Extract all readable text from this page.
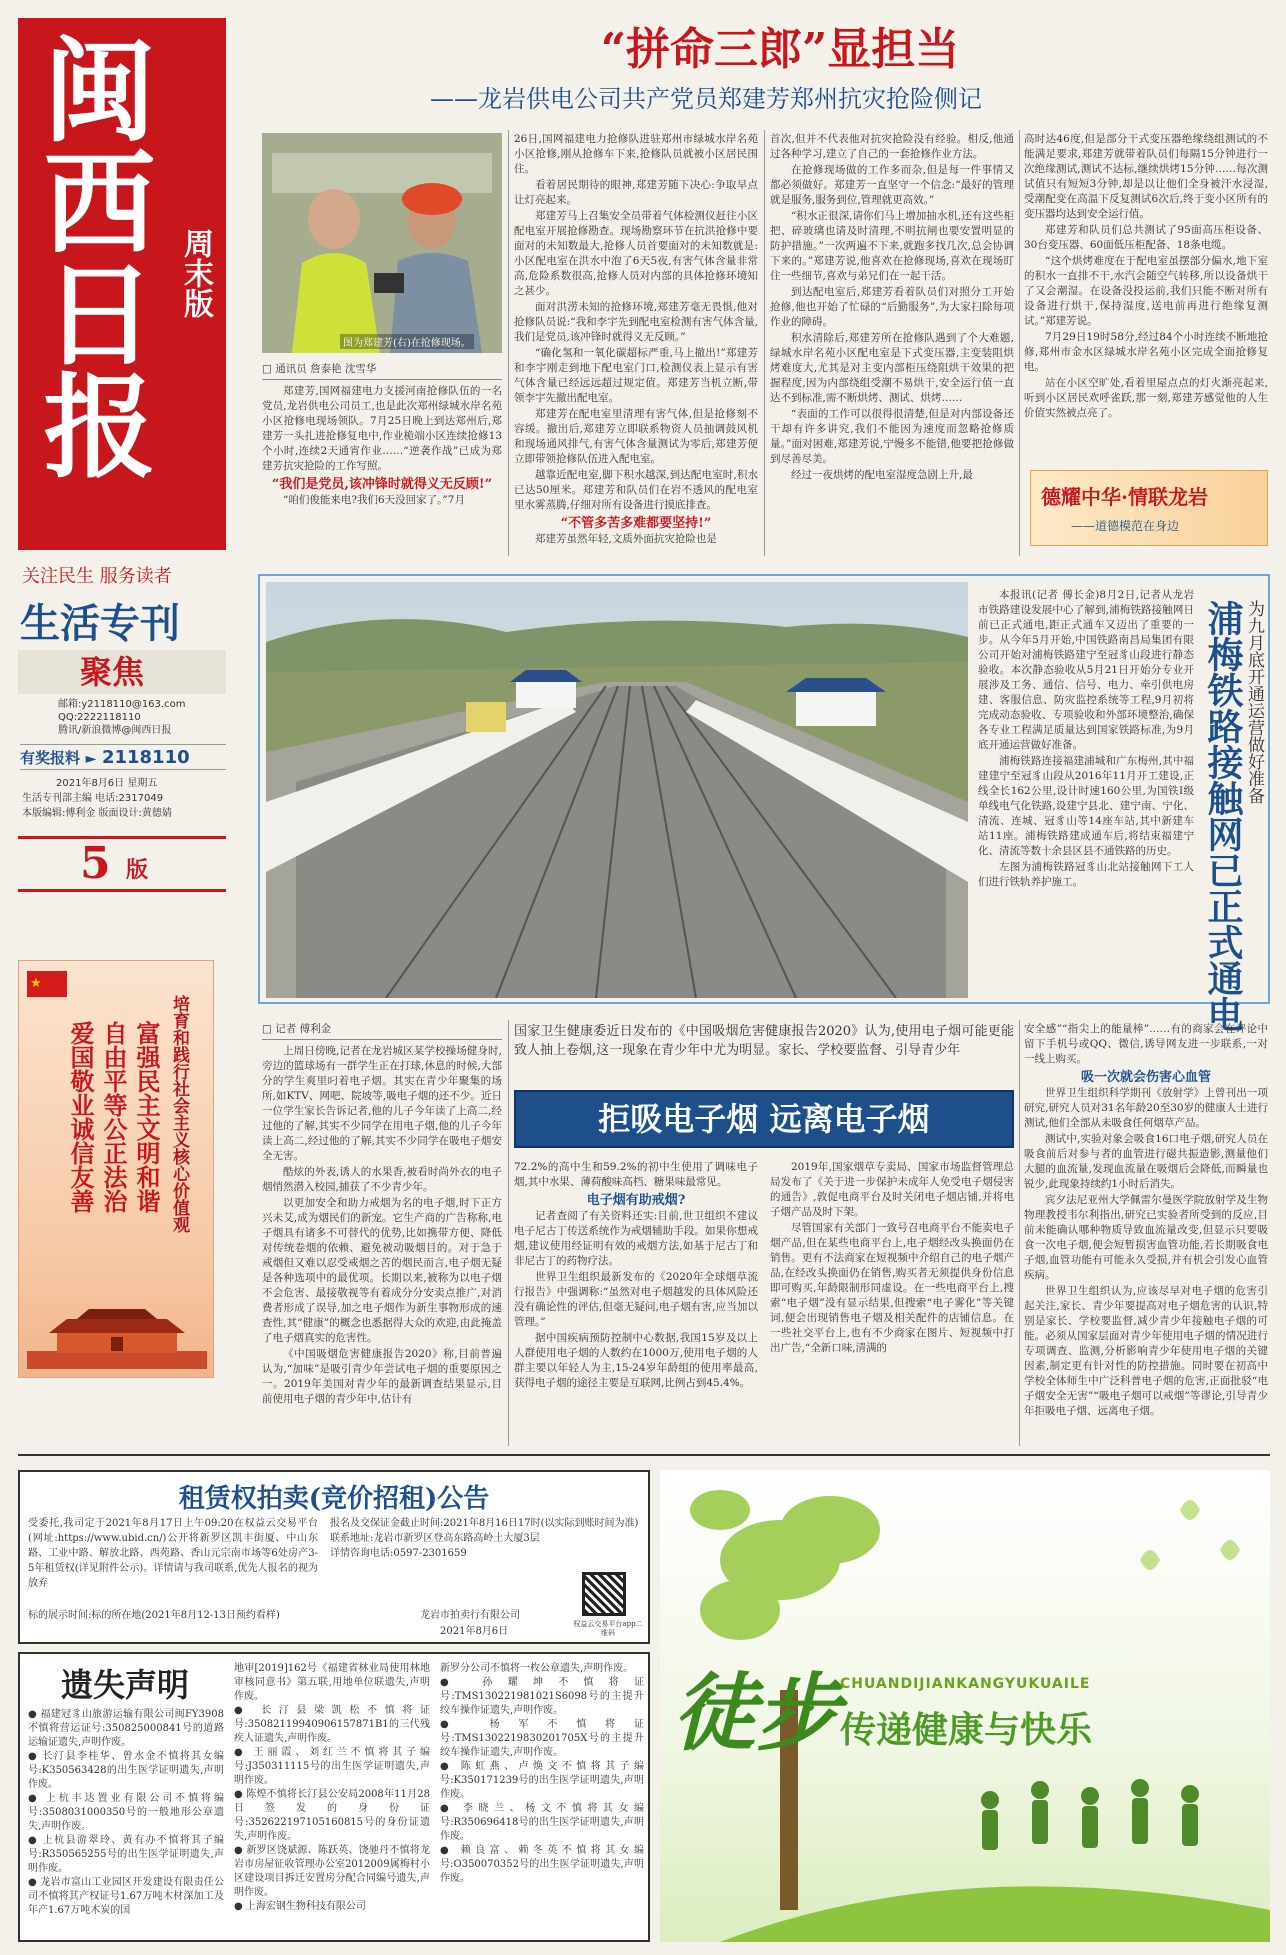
闽西日报 周末版
关注民生 服务读者
生活专刊
聚焦
邮箱:y2118110@163.com
QQ:2222118110
腾讯/新浪微博@闽西日报
有奖报料 ► 2118110
2021年8月6日 星期五
生活专刊部主编 电话:2317049
本版编辑:傅利金 版面设计:黄德婧
5 版
★
培育和践行社会主义核心价值观
富强民主文明和谐
自由平等公正法治
爱国敬业诚信友善
“拼命三郎”显担当
——龙岩供电公司共产党员郑建芳郑州抗灾抢险侧记
图为郑建芳(右)在抢修现场。
□ 通讯员 詹泰艳 沈雪华

郑建芳,国网福建电力支援河南抢修队伍的一名党员,龙岩供电公司员工,也是此次郑州绿城水岸名苑小区抢修电现场领队。7月25日晚上到达郑州后,郑建芳一头扎进抢修复电中,作业桅端小区连续抢修13个小时,连续2天通宵作业……“逆袭作战”已成为郑建芳抗灾抢险的工作写照。

“我们是党员,该冲锋时就得义无反顾!”

“咱们俊能来电?我们6天没回家了。”7月

26日,国网福建电力抢修队进驻郑州市绿城水岸名苑小区抢修,刚从抢修车下来,抢修队员就被小区居民围住。

看着居民期待的眼神,郑建芳随下决心:争取早点让灯亮起来。

郑建芳马上召集安全员带着气体检测仪赶往小区配电室开展抢修勘查。现场勘察环节在抗洪抢修中要面对的未知数最大,抢修人员首要面对的未知数就是:小区配电室在洪水中泡了6天5夜,有害气体含量非常高,危险系数很高,抢修人员对内部的具体抢修环境知之甚少。

面对洪涝未知的抢修环境,郑建芳毫无畏惧,他对抢修队员说:“我和李宇先到配电室检测有害气体含量,我们是党员,该冲锋时就得义无反顾。”

“确化氢和一氧化碳超标严重,马上撤出!”郑建芳和李宇刚走到地下配电室门口,检测仪表上显示有害气体含量已经远远超过规定值。郑建芳当机立断,带领李宇先撤出配电室。

郑建芳在配电室里清理有害气体,但是抢修刻不容缓。撤出后,郑建芳立即联系物资人员抽调鼓风机和现场通风排气,有害气体含量测试为零后,郑建芳便立即带领抢修队伍进入配电室。

越靠近配电室,脚下积水越深,到达配电室时,积水已达50厘米。郑建芳和队员们在岩不透风的配电室里水雾蒸腾,仔细对所有设备进行摸底排查。

“不管多苦多难都要坚持!”

郑建芳虽然年轻,文质外面抗灾抢险也是

首次,但并不代表他对抗灾抢险没有经验。相反,他通过各种学习,建立了自己的一套抢修作业方法。

在抢修现场做的工作多而杂,但是每一件事情又都必须做好。郑建芳一直坚守一个信念:“最好的管理就是服务,服务到位,管理就更高效。”

“积水正很深,请你们马上增加抽水机,还有这些柜把、碎玻璃也请及时清理,不明抗闸也要安置明显的防护措施。”一次两遍不下来,就跑多找几次,总会协调下来的。”郑建芳说,他喜欢在抢修现场,喜欢在现场盯住一些细节,喜欢与弟兄们在一起干活。

到达配电室后,郑建芳看着队员们对照分工开始抢修,他也开始了忙碌的“后勤服务”,为大家扫除每项作业的障碍。

积水清除后,郑建芳所在抢修队遇到了个大难题,绿城水岸名苑小区配电室是下式变压器,主变装阻烘烤难度大,尤其是对主变内部柜压绕阻烘干效果的把握程度,因为内部绕组受潮不易烘干,安全运行值一直达不到标准,需不断烘烤、测试、烘烤……

“表面的工作可以很得很清楚,但是对内部设备还干却有许多讲究,我们不能因为速度而忽略抢修质量。”面对困难,郑建芳说,宁慢多不能错,他要把抢修做到尽善尽美。

经过一夜烘烤的配电室湿度急剧上升,最

高时达46度,但是部分干式变压器绝缘绕组测试的不能满足要求,郑建芳就带着队员们每隔15分钟进行一次绝缘测试,测试不达标,继续烘烤15分钟……每次测试值只有短短3分钟,却是以让他们全身被汗水浸湿,受潮配变在高温下反复测试6次后,终于变小区所有的变压器均达到安全运行值。

郑建芳和队员们总共测试了95面高压柜设备、30台变压器、60面低压柜配备、18条电缆。

“这个烘烤难度在于配电室虽摆部分偏水,地下室的积水一直排不干,水汽会随空气转移,所以设备烘干了又会潮湿。在设备没投运前,我们只能不断对所有设备进行烘干,保持湿度,送电前再进行绝缘复测试。”郑建芳说。

7月29日19时58分,经过84个小时连续不断地抢修,郑州市金水区绿城水岸名苑小区完成全面抢修复电。

站在小区空旷处,看着里屋点点的灯火渐亮起来,听到小区居民欢呼雀跃,那一刻,郑建芳感觉他的人生价值实然被点亮了。

德耀中华·情联龙岩
——道德模范在身边
浦梅铁路接触网已正式通电 为九月底开通运营做好准备

本报讯(记者 傅长金)8月2日,记者从龙岩市铁路建设发展中心了解到,浦梅铁路接触网日前已正式通电,距正式通车又迈出了重要的一步。从今年5月开始,中国铁路南昌局集团有限公司开始对浦梅铁路建宁至冠豸山段进行静态验收。本次静态验收从5月21日开始分专业开展涉及工务、通信、信号、电力、牵引供电房建、客服信息、防灾监控系统等工程,9月初将完成动态验收、专项验收和外部环境整治,确保各专业工程满足质量达到国家铁路标准,为9月底开通运营做好准备。

浦梅铁路连接福建浦城和广东梅州,其中福建建宁至冠豸山段从2016年11月开工建设,正线全长162公里,设计时速160公里,为国铁Ⅰ级单线电气化铁路,设建宁县北、建宁南、宁化、清流、连城、冠豸山等14座车站,其中新建车站11座。浦梅铁路建成通车后,将结束福建宁化、清流等数十余县区县不通铁路的历史。

左图为浦梅铁路冠豸山北站接触网下工人们进行铁轨养护施工。

□ 记者 傅利金

上周日傍晚,记者在龙岩城区某学校操场健身时,旁边的篮球场有一群学生正在打球,休息的时候,大部分的学生爽里叼着电子烟。其实在青少年聚集的场所,如KTV、网吧、院坡等,吸电子烟的还不少。近日一位学生家长告诉记者,他的儿子今年读了上高二,经过他的了解,其实不少同学在用电子烟,他的儿子今年读上高二,经过他的了解,其实不少同学在吸电子烟安全无害。

酷炫的外表,诱人的水果香,被看时尚外衣的电子烟悄然潜入校园,捕获了不少青少年。

以更加安全和助力戒烟为名的电子烟,时下正方兴未艾,成为烟民们的新宠。它生产商的广告称称,电子烟具有诸多不可替代的优势,比如携带方便、降低对传统卷烟的依赖、避免被动吸烟目的。对于急于戒烟但又难以忍受戒烟之苦的烟民而言,电子烟无疑是各种选项中的最优项。长期以来,被称为以电子烟不会危害、最接敬视等有着成分分安卖点推广,对消费者形成了误导,加之电子烟作为新生事物形成的速查性,其“健康”的概念也悉据得大众的欢迎,由此掩盖了电子烟真实的危害性。

《中国吸烟危害健康报告2020》称,目前普遍认为,“加味”是吸引青少年尝试电子烟的重要原因之一。2019年美国对青少年的最新调查结果显示,目前使用电子烟的青少年中,估计有

国家卫生健康委近日发布的《中国吸烟危害健康报告2020》认为,使用电子烟可能更能致人抽上卷烟,这一现象在青少年中尤为明显。家长、学校要监督、引导青少年
拒吸电子烟 远离电子烟

72.2%的高中生和59.2%的初中生使用了调味电子烟,其中水果、薄荷酸味高档、糖果味最常见。

电子烟有助戒烟?

记者查阅了有关资料还实:目前,世卫组织不建议电子尼古丁传送系统作为戒烟辅助手段。如果你想戒烟,建议使用经证明有效的戒烟方法,如基于尼古丁和非尼古丁的药物疗法。

世界卫生组织最新发布的《2020年全球烟草流行报告》中强调称:“虽然对电子烟越发的具体风险还没有确论性的评估,但毫无疑问,电子烟有害,应当加以管理。”

据中国疾病预防控制中心数据,我国15岁及以上人群使用电子烟的人数约在1000万,使用电子烟的人群主要以年轻人为主,15-24岁年龄组的使用率最高,获得电子烟的途径主要是互联网,比例占到45.4%。

2019年,国家烟草专卖局、国家市场监督管理总局发布了《关于进一步保护未成年人免受电子烟侵害的通告》,敦促电商平台及时关闭电子烟店铺,并将电子烟产品及时下架。

尽管国家有关部门一致号召电商平台不能卖电子烟产品,但在某些电商平台上,电子烟经改头换面仍在销售。更有不法商家在短视频中介绍自己的电子烟产品,在经改头换面仍在销售,购买者无须提供身份信息即可购买,年龄限制形同虚设。在一些电商平台上,搜索“电子烟”没有显示结果,但搜索“电子雾化”等关键词,便会出现销售电子烟及相关配件的店铺信息。在一些社交平台上,也有不少商家在图片、短视频中打出广告,“全新口味,清满的

安全感”“指尖上的能量棒”……有的商家会在评论中留下手机号或QQ、微信,诱导网友进一步联系,一对一线上购买。

吸一次就会伤害心血管

世界卫生组织科学期刊《放射学》上曾刊出一项研究,研究人员对31名年龄20至30岁的健康人士进行测试,他们全部从未吸食任何烟草产品。

测试中,实验对象会吸食16口电子烟,研究人员在吸食前后对参与者的血管进行磁共振造影,测量他们大腿的血流量,发现血流量在吸烟后会降低,而瞬量也锐少,此现象持续约1小时后消失。

宾夕法尼亚州大学佩雷尔曼医学院放射学及生物物理教授韦尔利指出,研究已实验者所受到的反应,目前未能确认哪种物质导致血流量改变,但显示只要吸食一次电子烟,便会短暂损害血管功能,若长期吸食电子烟,血管功能有可能永久受损,并有机会引发心血管疾病。

世界卫生组织认为,应该尽早对电子烟的危害引起关注,家长、青少年要提高对电子烟危害的认识,特别是家长、学校要监督,减少青少年接触电子烟的可能。必须从国家层面对青少年使用电子烟的情况进行专项调查、监测,分析影响青少年使用电子烟的关键因素,制定更有针对性的防控措施。同时要在初高中学校全体师生中广泛科普电子烟的危害,正面批驳“电子烟安全无害”“吸电子烟可以戒烟”等谬论,引导青少年拒吸电子烟、远离电子烟。

租赁权拍卖(竞价招租)公告
受委托,我司定于2021年8月17日上午09:20在权益云交易平台(网址:https://www.ubid.cn/)公开将新罗区凯丰街厦、中山东路、工业中路、解放北路、西苑路、香山元宗南市场等6处房产3-5年租赁权(详见附件公示)。详情请与我司联系,优先人报名的视为放弃
标的展示时间:标的所在地(2021年8月12-13日预约看样)
报名及交保证金截止时间:2021年8月16日17时(以实际到账时间为准)
联系地址:龙岩市新罗区登高东路高岭土大厦3层
详情咨询电话:0597-2301659
权益云交易平台app二维码
龙岩市拍卖行有限公司
2021年8月6日
遗失声明
● 福建冠豸山旅游运输有限公司闽FY3908不慎将营运证号:350825000841号的道路运输证遗失,声明作废。
● 长汀县李桂华、曾水金不慎将其女编号:K350563428的出生医学证明遗失,声明作废。
● 上杭丰达置业有限公司不慎将编号:3508031000350号的一般地形公章遗失,声明作废。
● 上杭县游翠玲、黄有办不慎将其子编号:R350565255号的出生医学证明遗失,声明作废。
● 龙岩市富山工业园区开发建设有限责任公司不慎将其产权证号1.67万吨木材深加工及年产1.67万吨木炭的国
地审[2019]162号《福建省林业局使用林地审核同意书》第五联,用地单位联遗失,声明作废。
● 长汀县梁凯松不慎将证号:35082119940906157871B1的三代残疾人证遗失,声明作废。
● 王丽霞、刘红兰不慎将其子编号:J350311115号的出生医学证明遗失,声明作废。
● 陈煌不慎将长汀县公安局2008年11月28日签发的身份证号:352622197105160815号的身份证遗失,声明作废。
● 新罗区饶斌源、陈跃英、饶驰丹不慎将龙岩市房屋征收管理办公室2012009属梅村小区建设项目拆迁安置房分配合同编号遗失,声明作废。
● 上海宏钢生物科技有限公司
新罗分公司不慎将一枚公章遗失,声明作废。
● 孙耀坤不慎将证号:TMS130221981021S6098号的主提升绞车操作证遗失,声明作废。
● 杨军不慎将证号:TMS1302219830201705X号的主提升绞车操作证遗失,声明作废。
● 陈虹燕、卢焕文不慎将其子编号:K350171239号的出生医学证明遗失,声明作废。
● 李晓兰、杨文不慎将其女编号:R350696418号的出生医学证明遗失,声明作废。
● 赖良富、赖冬英不慎将其女编号:O350070352号的出生医学证明遗失,声明作废。
徒步 CHUANDIJIANKANGYUKUAILE
传递健康与快乐
